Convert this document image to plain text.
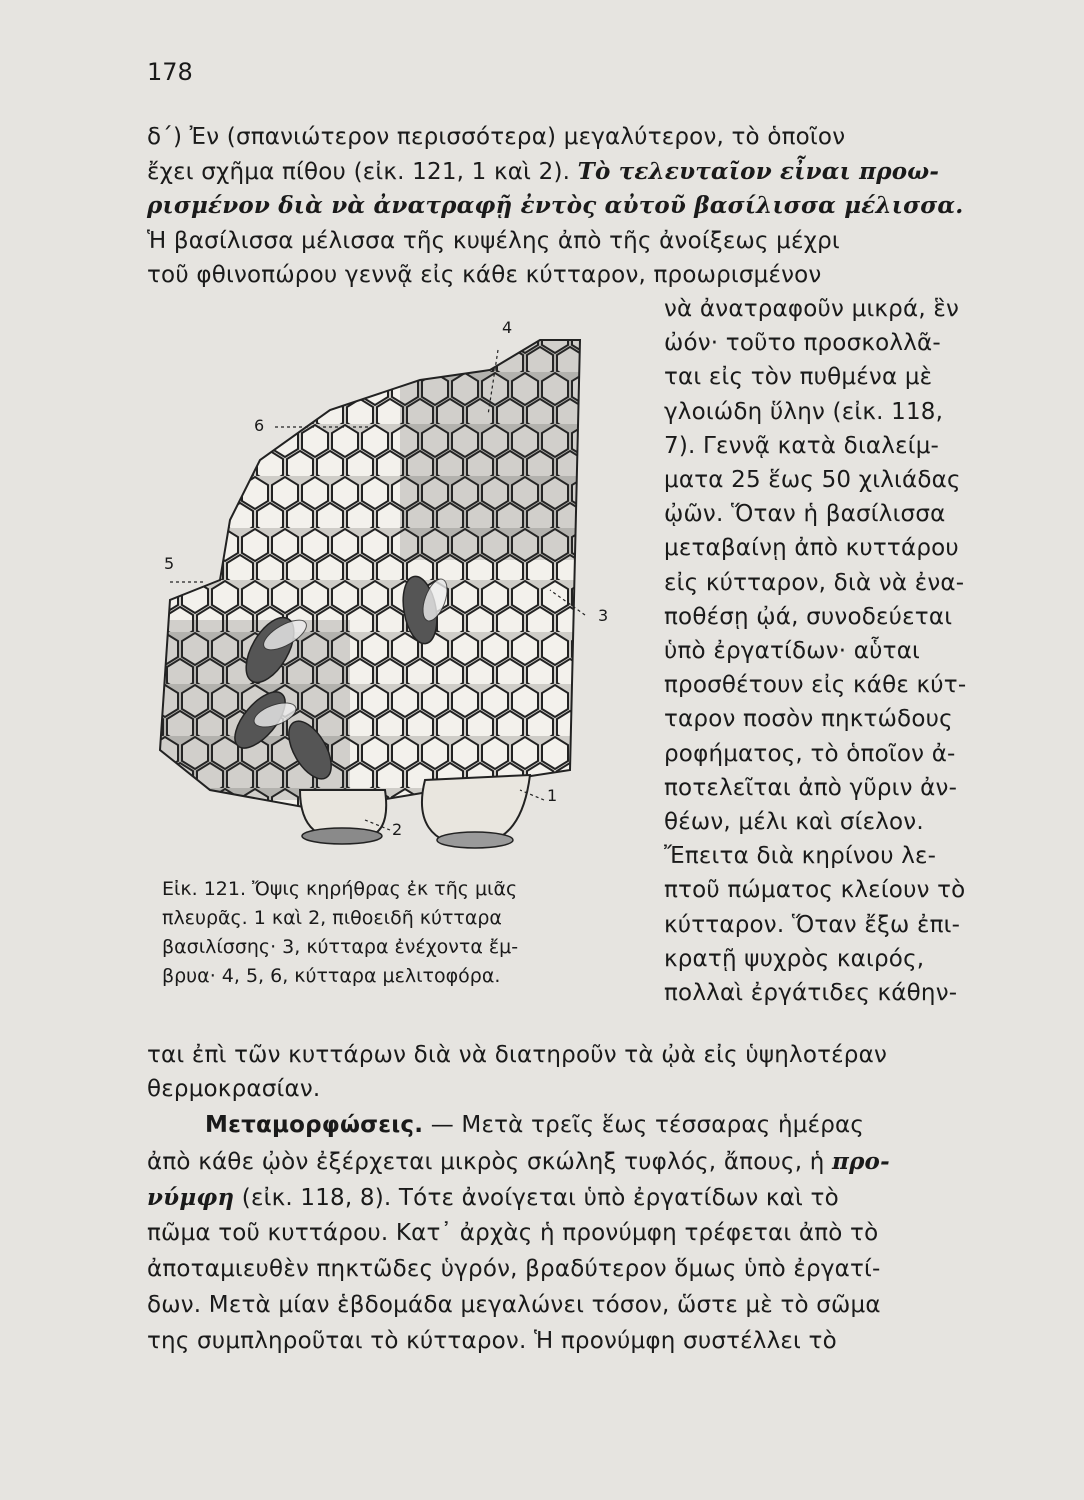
178
δ΄) Ἐν (σπανιώτερον περισσότερα) μεγαλύτερον, τὸ ὁποῖον
ἔχει σχῆμα πίθου (εἰκ. 121, 1 καὶ 2). Τὸ τελευταῖον εἶναι προω-
ρισμένον διὰ νὰ ἀνατραφῇ ἐντὸς αὐτοῦ βασίλισσα μέλισσα.
Ἡ βασίλισσα μέλισσα τῆς κυψέλης ἀπὸ τῆς ἀνοίξεως μέχρι
τοῦ φθινοπώρου γεννᾷ εἰς κάθε κύτταρον, προωρισμένον
νὰ ἀνατραφοῦν μικρά, ἓν
ὠόν· τοῦτο προσκολλᾶ-
ται εἰς τὸν πυθμένα μὲ
γλοιώδη ὕλην (εἰκ. 118,
7). Γεννᾷ κατὰ διαλείμ-
ματα 25 ἕως 50 χιλιάδας
ᾠῶν. Ὅταν ἡ βασίλισσα
μεταβαίνῃ ἀπὸ κυττάρου
εἰς κύτταρον, διὰ νὰ ἐνα-
ποθέσῃ ᾠά, συνοδεύεται
ὑπὸ ἐργατίδων· αὗται
προσθέτουν εἰς κάθε κύτ-
ταρον ποσὸν πηκτώδους
ροφήματος, τὸ ὁποῖον ἀ-
ποτελεῖται ἀπὸ γῦριν ἀν-
θέων, μέλι καὶ σίελον.
Ἔπειτα διὰ κηρίνου λε-
πτοῦ πώματος κλείουν τὸ
κύτταρον. Ὅταν ἔξω ἐπι-
κρατῇ ψυχρὸς καιρός,
πολλαὶ ἐργάτιδες κάθην-
4
6
5
3
1
2
Εἰκ. 121. Ὄψις κηρήθρας ἐκ τῆς μιᾶς
πλευρᾶς. 1 καὶ 2, πιθοειδῆ κύτταρα
βασιλίσσης· 3, κύτταρα ἐνέχοντα ἔμ-
βρυα· 4, 5, 6, κύτταρα μελιτοφόρα.
ται ἐπὶ τῶν κυττάρων διὰ νὰ διατηροῦν τὰ ᾠὰ εἰς ὑψηλοτέραν
θερμοκρασίαν.
Μεταμορφώσεις. — Μετὰ τρεῖς ἕως τέσσαρας ἡμέρας
ἀπὸ κάθε ᾠὸν ἐξέρχεται μικρὸς σκώληξ τυφλός, ἄπους, ἡ προ-
νύμφη (εἰκ. 118, 8). Τότε ἀνοίγεται ὑπὸ ἐργατίδων καὶ τὸ
πῶμα τοῦ κυττάρου. Κατ᾽ ἀρχὰς ἡ προνύμφη τρέφεται ἀπὸ τὸ
ἀποταμιευθὲν πηκτῶδες ὑγρόν, βραδύτερον ὅμως ὑπὸ ἐργατί-
δων. Μετὰ μίαν ἑβδομάδα μεγαλώνει τόσον, ὥστε μὲ τὸ σῶμα
της συμπληροῦται τὸ κύτταρον. Ἡ προνύμφη συστέλλει τὸ
